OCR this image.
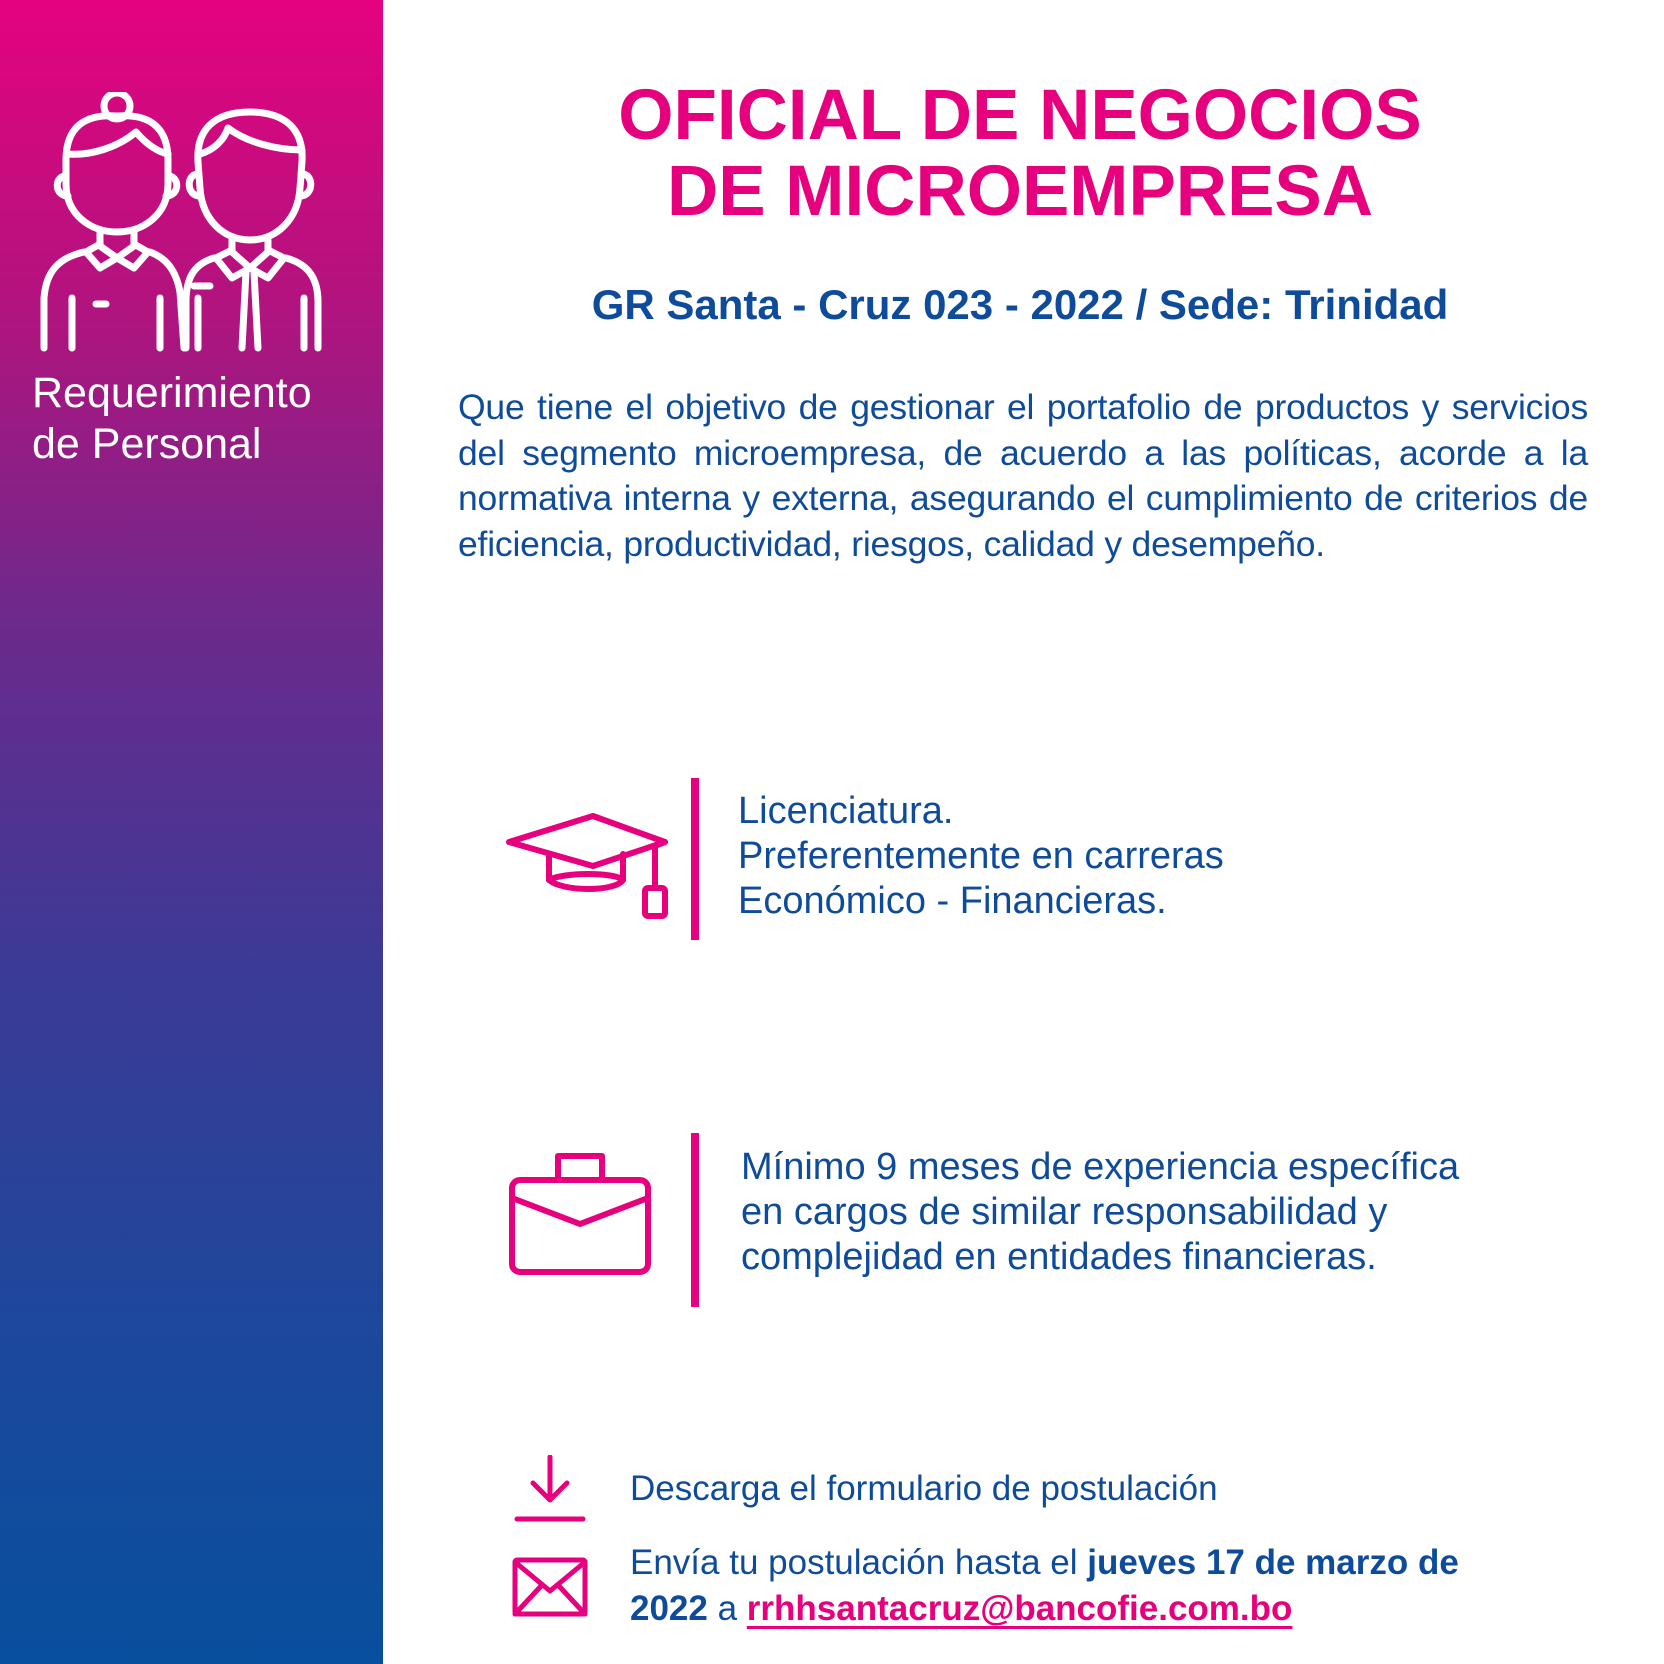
Requerimiento
de Personal
OFICIAL DE NEGOCIOS
DE MICROEMPRESA
GR Santa - Cruz 023 - 2022 / Sede: Trinidad

Que tiene el objetivo de gestionar el portafolio de productos y servicios del segmento microempresa, de acuerdo a las políticas, acorde a la normativa interna y externa, asegurando el cumplimiento de criterios de eficiencia, productividad, riesgos, calidad y desempeño.

Licenciatura.
Preferentemente en carreras
Económico - Financieras.
Mínimo 9 meses de experiencia específica
en cargos de similar responsabilidad y
complejidad en entidades financieras.
Descarga el formulario de postulación
Envía tu postulación hasta el jueves 17 de marzo de 2022 a rrhhsantacruz@bancofie.com.bo
